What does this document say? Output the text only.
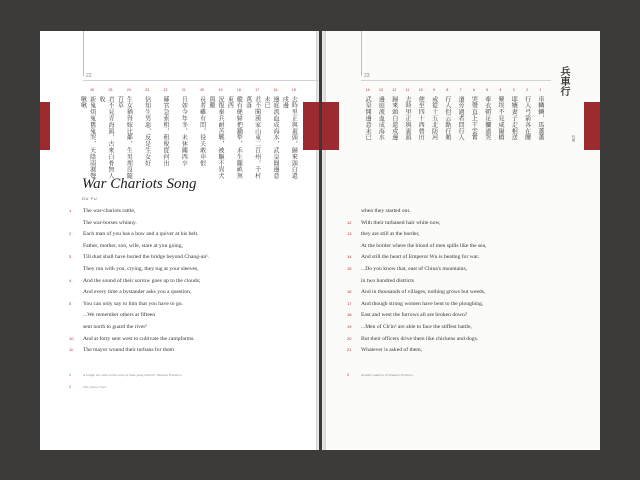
22	23
15
去時里正與裹頭，歸來頭白還戍邊
16
邊庭流血成海水，武皇開邊意未已
17
君不聞漢家山東二百州，千村萬落
18
縱有健婦把鋤犁，禾生隴畝無東西
19
況復秦兵耐苦戰，被驅不異犬與雞
20
長者雖有問，役夫敢申恨
21
且如今年冬，未休關西卒
22
縣官急索租，租稅從何出
23
信知生男惡，反是生女好
24
生女猶得嫁比鄰，生男埋沒隨百草
25
君不見青海頭，古來白骨無人收
26
新鬼煩冤舊鬼哭，天陰雨濕聲啾啾
1
車轔轔，馬蕭蕭
2
行人弓箭各在腰
3
耶孃妻子走相送
4
塵埃不見咸陽橋
5
牽衣頓足攔道哭
6
哭聲直上干雲霄
7
道旁過者問行人
8
行人但云點行頻
9
或從十五北防河
10
便至四十西營田
11
去時里正與裹頭
12
歸來頭白還戍邊
13
邊庭流血成海水
14
武皇開邊意未已
兵車行
杜甫
War Chariots Song
DU FU
1	The war-chariots rattle,
The war-horses whinny.
2	Each man of you has a bow and a quiver at his belt.
Father, mother, son, wife, stare at you going,
3	Till dust shall have buried the bridge beyond Chang-an¹.
They run with you, crying, they tug at your sleeves,
4	And the sound of their sorrow goes up to the clouds;
And every time a bystander asks you a question,
5	You can only say to him that you have to go.
...We remember others at fifteen
sent north to guard the river²
10	And at forty sent west to cultivate the campfarms.
11	The mayor wound their turbans for them
when they started out.
12	With their turbaned hair white now,
13	they are still at the border,
At the border where the blood of men spills like the sea,
14	And still the heart of Emperor Wu is beating for war.
15	...Do you know that, east of China's mountains,
in two hundred districts
16	And in thousands of villages, nothing grows but weeds,
17	And though strong women have bent to the ploughing,
18	East and west the furrows all are broken down?
19	...Men of Ch'in³ are able to face the stiffest battle,
20	But their officers drive them like chickens and dogs.
21	Whatever is asked of them,
1	A bridge ten miles north-west of Xian-yang District, Shaanxi Province.
2	The yellow river.
3	Another address of Shaanxi Province.
